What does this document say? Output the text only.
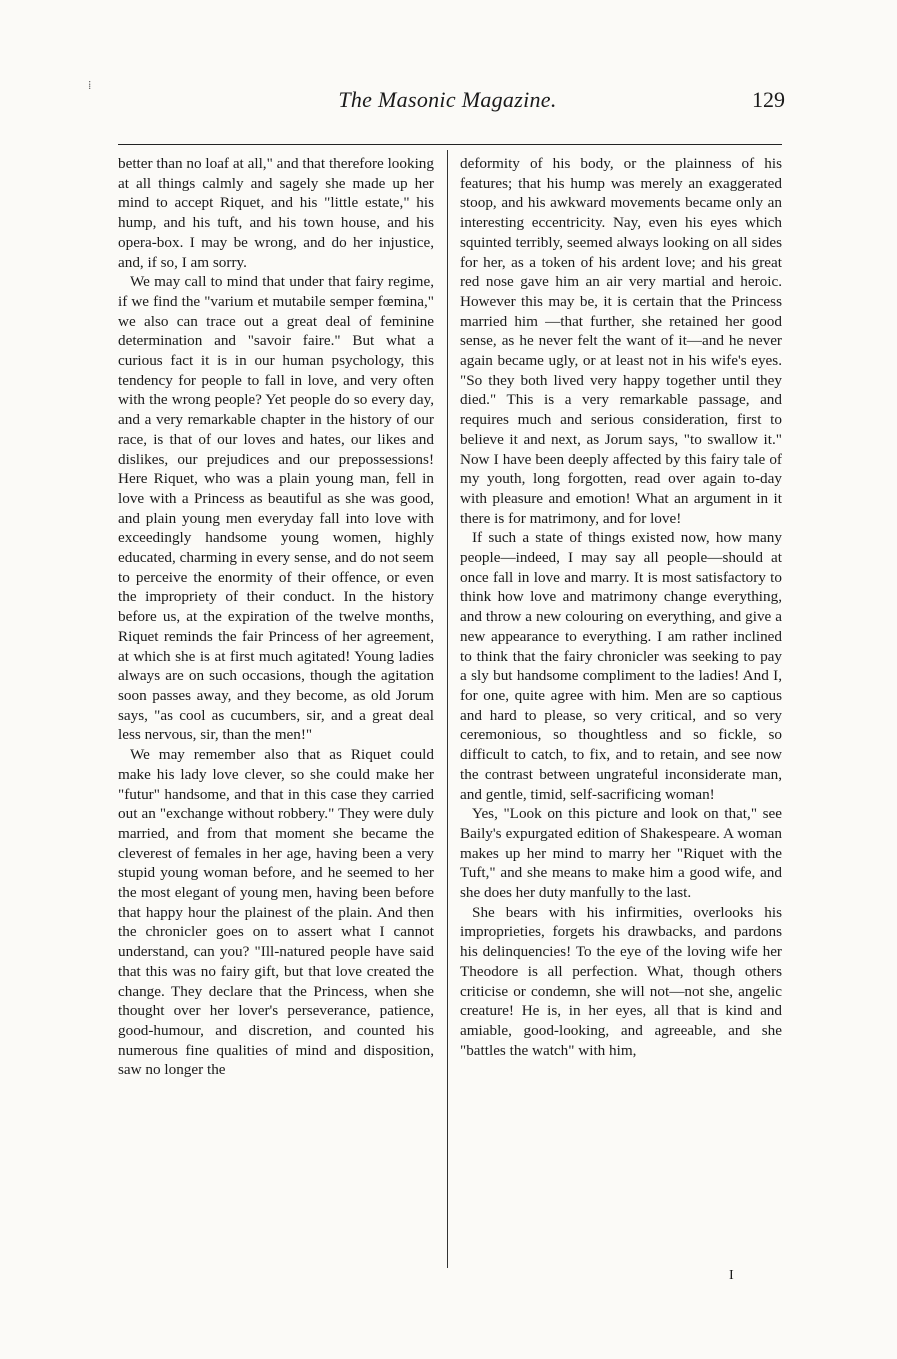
⁞
The Masonic Magazine.	129

better than no loaf at all," and that therefore looking at all things calmly and sagely she made up her mind to accept Riquet, and his "little estate," his hump, and his tuft, and his town house, and his opera-box. I may be wrong, and do her injustice, and, if so, I am sorry.

We may call to mind that under that fairy regime, if we find the "varium et mutabile semper fœmina," we also can trace out a great deal of feminine determination and "savoir faire." But what a curious fact it is in our human psychology, this tendency for people to fall in love, and very often with the wrong people? Yet people do so every day, and a very remarkable chapter in the history of our race, is that of our loves and hates, our likes and dislikes, our prejudices and our prepossessions! Here Riquet, who was a plain young man, fell in love with a Princess as beautiful as she was good, and plain young men everyday fall into love with exceedingly handsome young women, highly educated, charming in every sense, and do not seem to perceive the enormity of their offence, or even the impropriety of their conduct. In the history before us, at the expiration of the twelve months, Riquet reminds the fair Princess of her agreement, at which she is at first much agitated! Young ladies always are on such occasions, though the agitation soon passes away, and they become, as old Jorum says, "as cool as cucumbers, sir, and a great deal less nervous, sir, than the men!"

We may remember also that as Riquet could make his lady love clever, so she could make her "futur" handsome, and that in this case they carried out an "exchange without robbery." They were duly married, and from that moment she became the cleverest of females in her age, having been a very stupid young woman before, and he seemed to her the most elegant of young men, having been before that happy hour the plainest of the plain. And then the chronicler goes on to assert what I cannot understand, can you? "Ill-natured people have said that this was no fairy gift, but that love created the change. They declare that the Princess, when she thought over her lover's perseverance, patience, good-humour, and discretion, and counted his numerous fine qualities of mind and disposition, saw no longer the

deformity of his body, or the plainness of his features; that his hump was merely an exaggerated stoop, and his awkward movements became only an interesting eccentricity. Nay, even his eyes which squinted terribly, seemed always looking on all sides for her, as a token of his ardent love; and his great red nose gave him an air very martial and heroic. However this may be, it is certain that the Princess married him —that further, she retained her good sense, as he never felt the want of it—and he never again became ugly, or at least not in his wife's eyes. "So they both lived very happy together until they died." This is a very remarkable passage, and requires much and serious consideration, first to believe it and next, as Jorum says, "to swallow it." Now I have been deeply affected by this fairy tale of my youth, long forgotten, read over again to-day with pleasure and emotion! What an argument in it there is for matrimony, and for love!

If such a state of things existed now, how many people—indeed, I may say all people—should at once fall in love and marry. It is most satisfactory to think how love and matrimony change everything, and throw a new colouring on everything, and give a new appearance to everything. I am rather inclined to think that the fairy chronicler was seeking to pay a sly but handsome compliment to the ladies! And I, for one, quite agree with him. Men are so captious and hard to please, so very critical, and so very ceremonious, so thoughtless and so fickle, so difficult to catch, to fix, and to retain, and see now the contrast between ungrateful inconsiderate man, and gentle, timid, self-sacrificing woman!

Yes, "Look on this picture and look on that," see Baily's expurgated edition of Shakespeare. A woman makes up her mind to marry her "Riquet with the Tuft," and she means to make him a good wife, and she does her duty manfully to the last.

She bears with his infirmities, overlooks his improprieties, forgets his drawbacks, and pardons his delinquencies! To the eye of the loving wife her Theodore is all perfection. What, though others criticise or condemn, she will not—not she, angelic creature! He is, in her eyes, all that is kind and amiable, good-looking, and agreeable, and she "battles the watch" with him,

I
